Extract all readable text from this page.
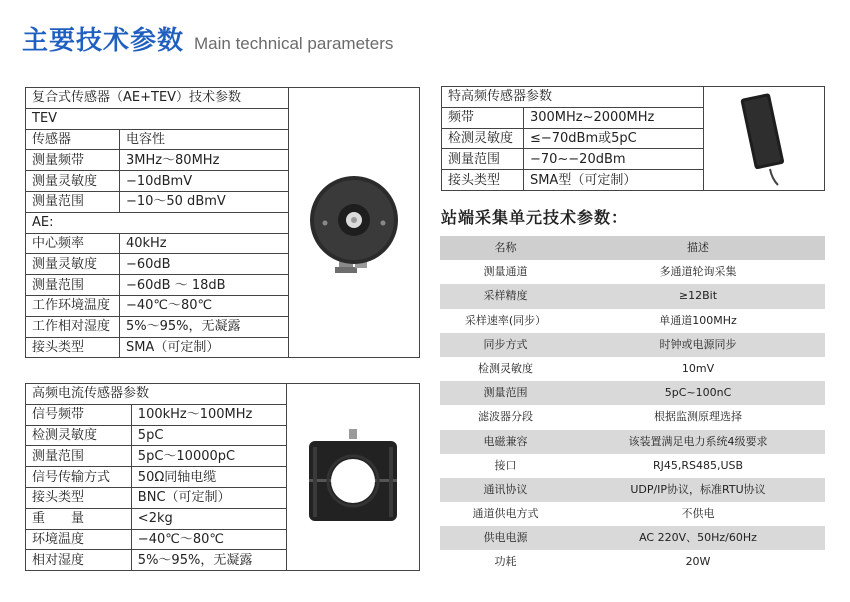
主要技术参数 Main technical parameters
复合式传感器（AE+TEV）技术参数	

TEV		
传感器	电容性	
测量频带	3MHz～80MHz	
测量灵敏度	−10dBmV	
测量范围	−10～50 dBmV	
AE:		
中心频率	40kHz	
测量灵敏度	−60dB	
测量范围	−60dB ～ 18dB	
工作环境温度	−40℃～80℃	
工作相对湿度	5%～95%，无凝露	
接头类型	SMA（可定制）	
高频电流传感器参数	

信号频带	100kHz～100MHz	
检测灵敏度	5pC	
测量范围	5pC～10000pC	
信号传输方式	50Ω同轴电缆	
接头类型	BNC（可定制）	
重　　量	<2kg	
环境温度	−40℃～80℃	
相对湿度	5%～95%，无凝露	
特高频传感器参数	

频带	300MHz~2000MHz	
检测灵敏度	≤−70dBm或5pC	
测量范围	−70~−20dBm	
接头类型	SMA型（可定制）	
站端采集单元技术参数：
名称	描述
测量通道	多通道轮询采集
采样精度	≥12Bit
采样速率(同步）	单通道100MHz
同步方式	时钟或电源同步
检测灵敏度	10mV
测量范围	5pC~100nC
滤波器分段	根据监测原理选择
电磁兼容	该装置满足电力系统4级要求
接口	RJ45,RS485,USB
通讯协议	UDP/IP协议，标准RTU协议
通道供电方式	不供电
供电电源	AC 220V、50Hz/60Hz
功耗	20W
